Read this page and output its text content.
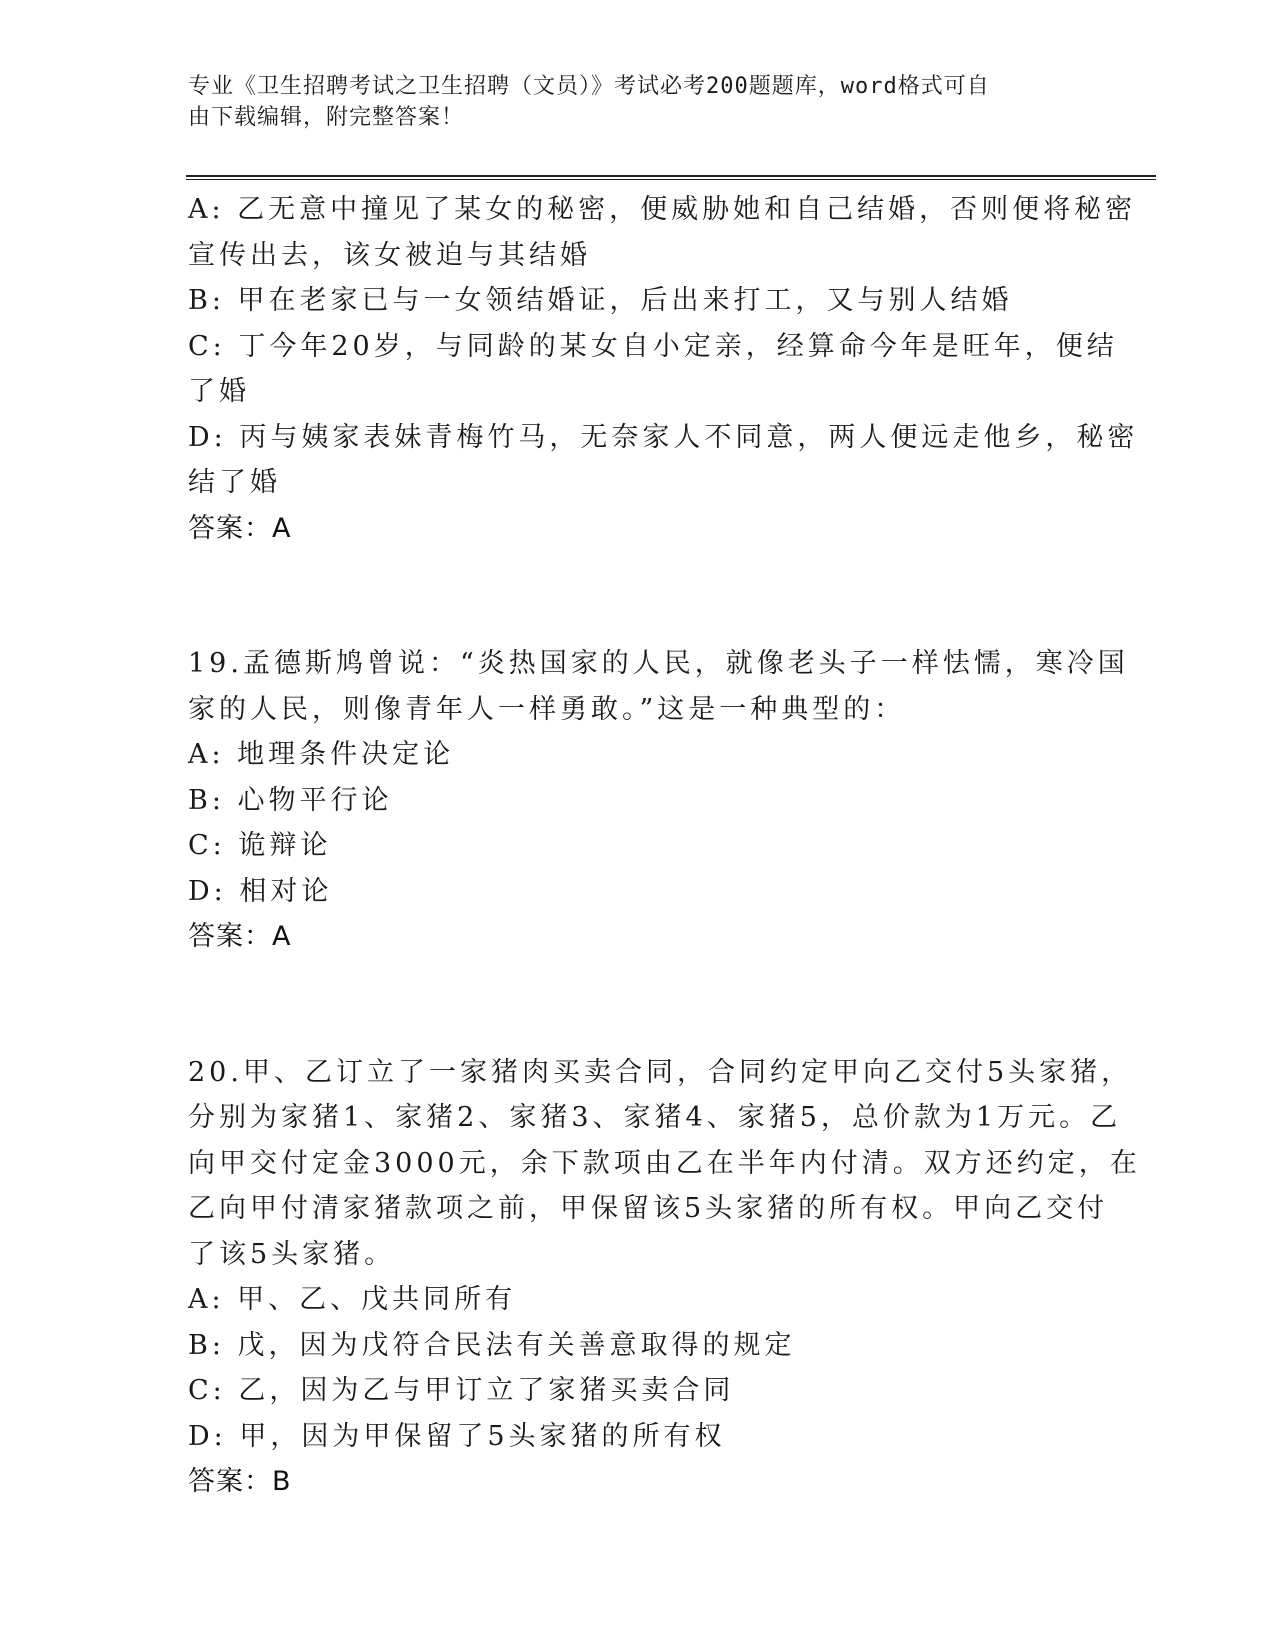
专业《卫生招聘考试之卫生招聘（文员）》考试必考200题题库，word格式可自
由下载编辑，附完整答案！
A: 乙无意中撞见了某女的秘密，便威胁她和自己结婚，否则便将秘密
宣传出去，该女被迫与其结婚
B: 甲在老家已与一女领结婚证，后出来打工，又与别人结婚
C: 丁今年20岁，与同龄的某女自小定亲，经算命今年是旺年，便结
了婚
D: 丙与姨家表妹青梅竹马，无奈家人不同意，两人便远走他乡，秘密
结了婚
答案：A
19.孟德斯鸠曾说：“炎热国家的人民，就像老头子一样怯懦，寒冷国
家的人民，则像青年人一样勇敢。”这是一种典型的：
A: 地理条件决定论
B: 心物平行论
C: 诡辩论
D: 相对论
答案：A
20.甲、乙订立了一家猪肉买卖合同，合同约定甲向乙交付5头家猪，
分别为家猪1、家猪2、家猪3、家猪4、家猪5，总价款为1万元。乙
向甲交付定金3000元，余下款项由乙在半年内付清。双方还约定，在
乙向甲付清家猪款项之前，甲保留该5头家猪的所有权。甲向乙交付
了该5头家猪。
A: 甲、乙、戊共同所有
B: 戊，因为戊符合民法有关善意取得的规定
C: 乙，因为乙与甲订立了家猪买卖合同
D: 甲，因为甲保留了5头家猪的所有权
答案：B
